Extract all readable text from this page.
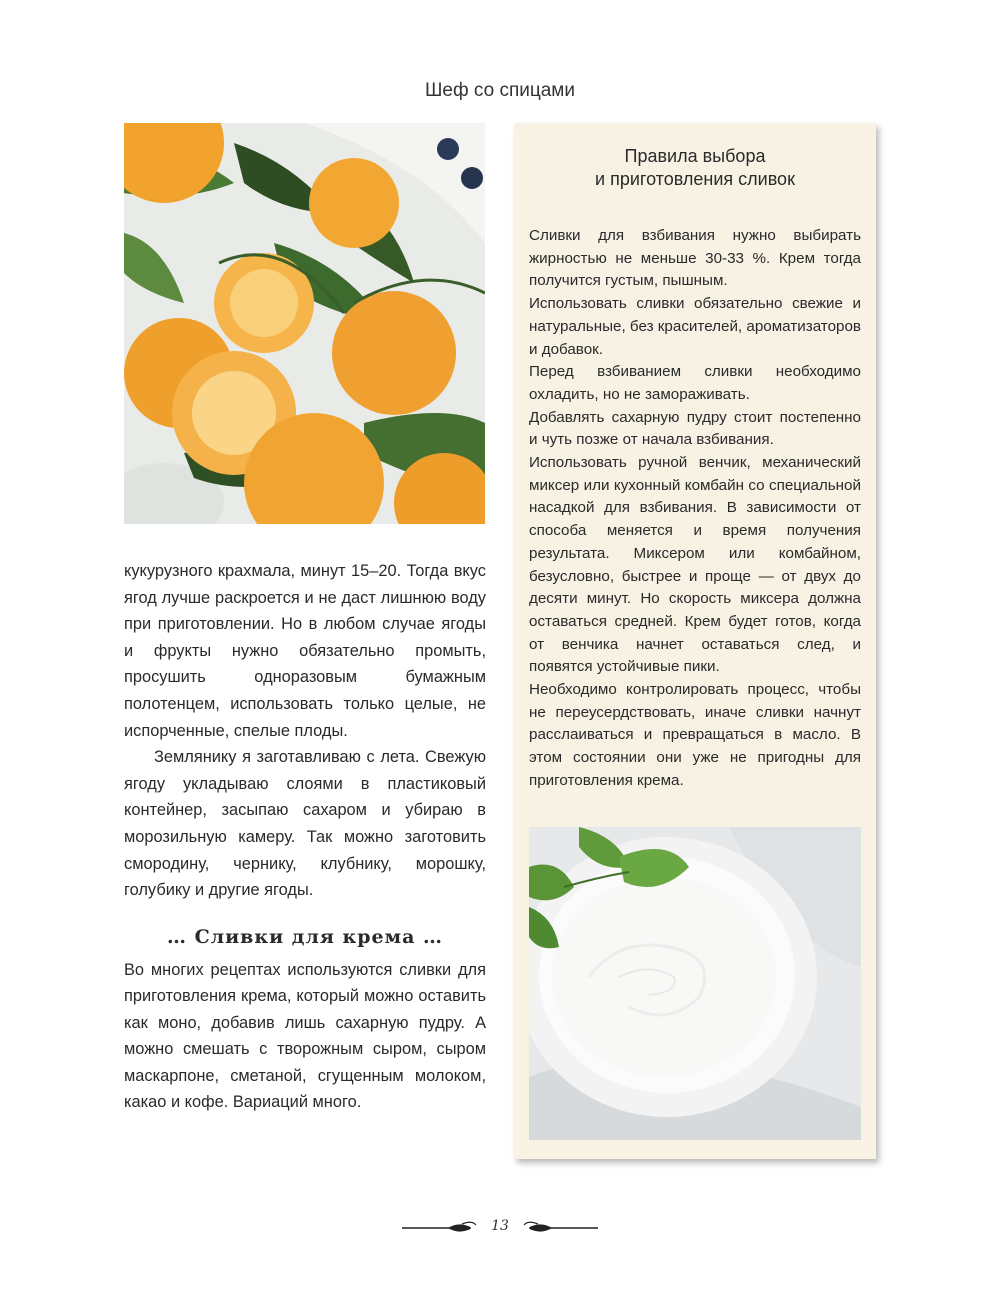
Шеф со спицами

кукурузного крахмала, минут 15–20. Тогда вкус ягод лучше раскроется и не даст лишнюю воду при приготовлении. Но в любом случае ягоды и фрукты нужно обязательно промыть, просушить одноразовым бумажным полотенцем, использовать только целые, не испорченные, спелые плоды.

Землянику я заготавливаю с лета. Свежую ягоду укладываю слоями в пластиковый контейнер, засыпаю сахаром и убираю в морозильную камеру. Так можно заготовить смородину, чернику, клубнику, морошку, голубику и другие ягоды.

… Сливки для крема …

Во многих рецептах используются сливки для приготовления крема, который можно оставить как моно, добавив лишь сахарную пудру. А можно смешать с творожным сыром, сыром маскарпоне, сметаной, сгущенным молоком, какао и кофе. Вариаций много.

Правила выбора
и приготовления сливок

Сливки для взбивания нужно выбирать жирностью не меньше 30-33 %. Крем тогда получится густым, пышным.

Использовать сливки обязательно свежие и натуральные, без красителей, ароматизаторов и добавок.

Перед взбиванием сливки необходимо охладить, но не замораживать.

Добавлять сахарную пудру стоит постепенно и чуть позже от начала взбивания.

Использовать ручной венчик, механический миксер или кухонный комбайн со специальной насадкой для взбивания. В зависимости от способа меняется и время получения результата. Миксером или комбайном, безусловно, быстрее и проще — от двух до десяти минут. Но скорость миксера должна оставаться средней. Крем будет готов, когда от венчика начнет оставаться след, и появятся устойчивые пики.

Необходимо контролировать процесс, чтобы не переусердствовать, иначе сливки начнут расслаиваться и превращаться в масло. В этом состоянии они уже не пригодны для приготовления крема.

13
